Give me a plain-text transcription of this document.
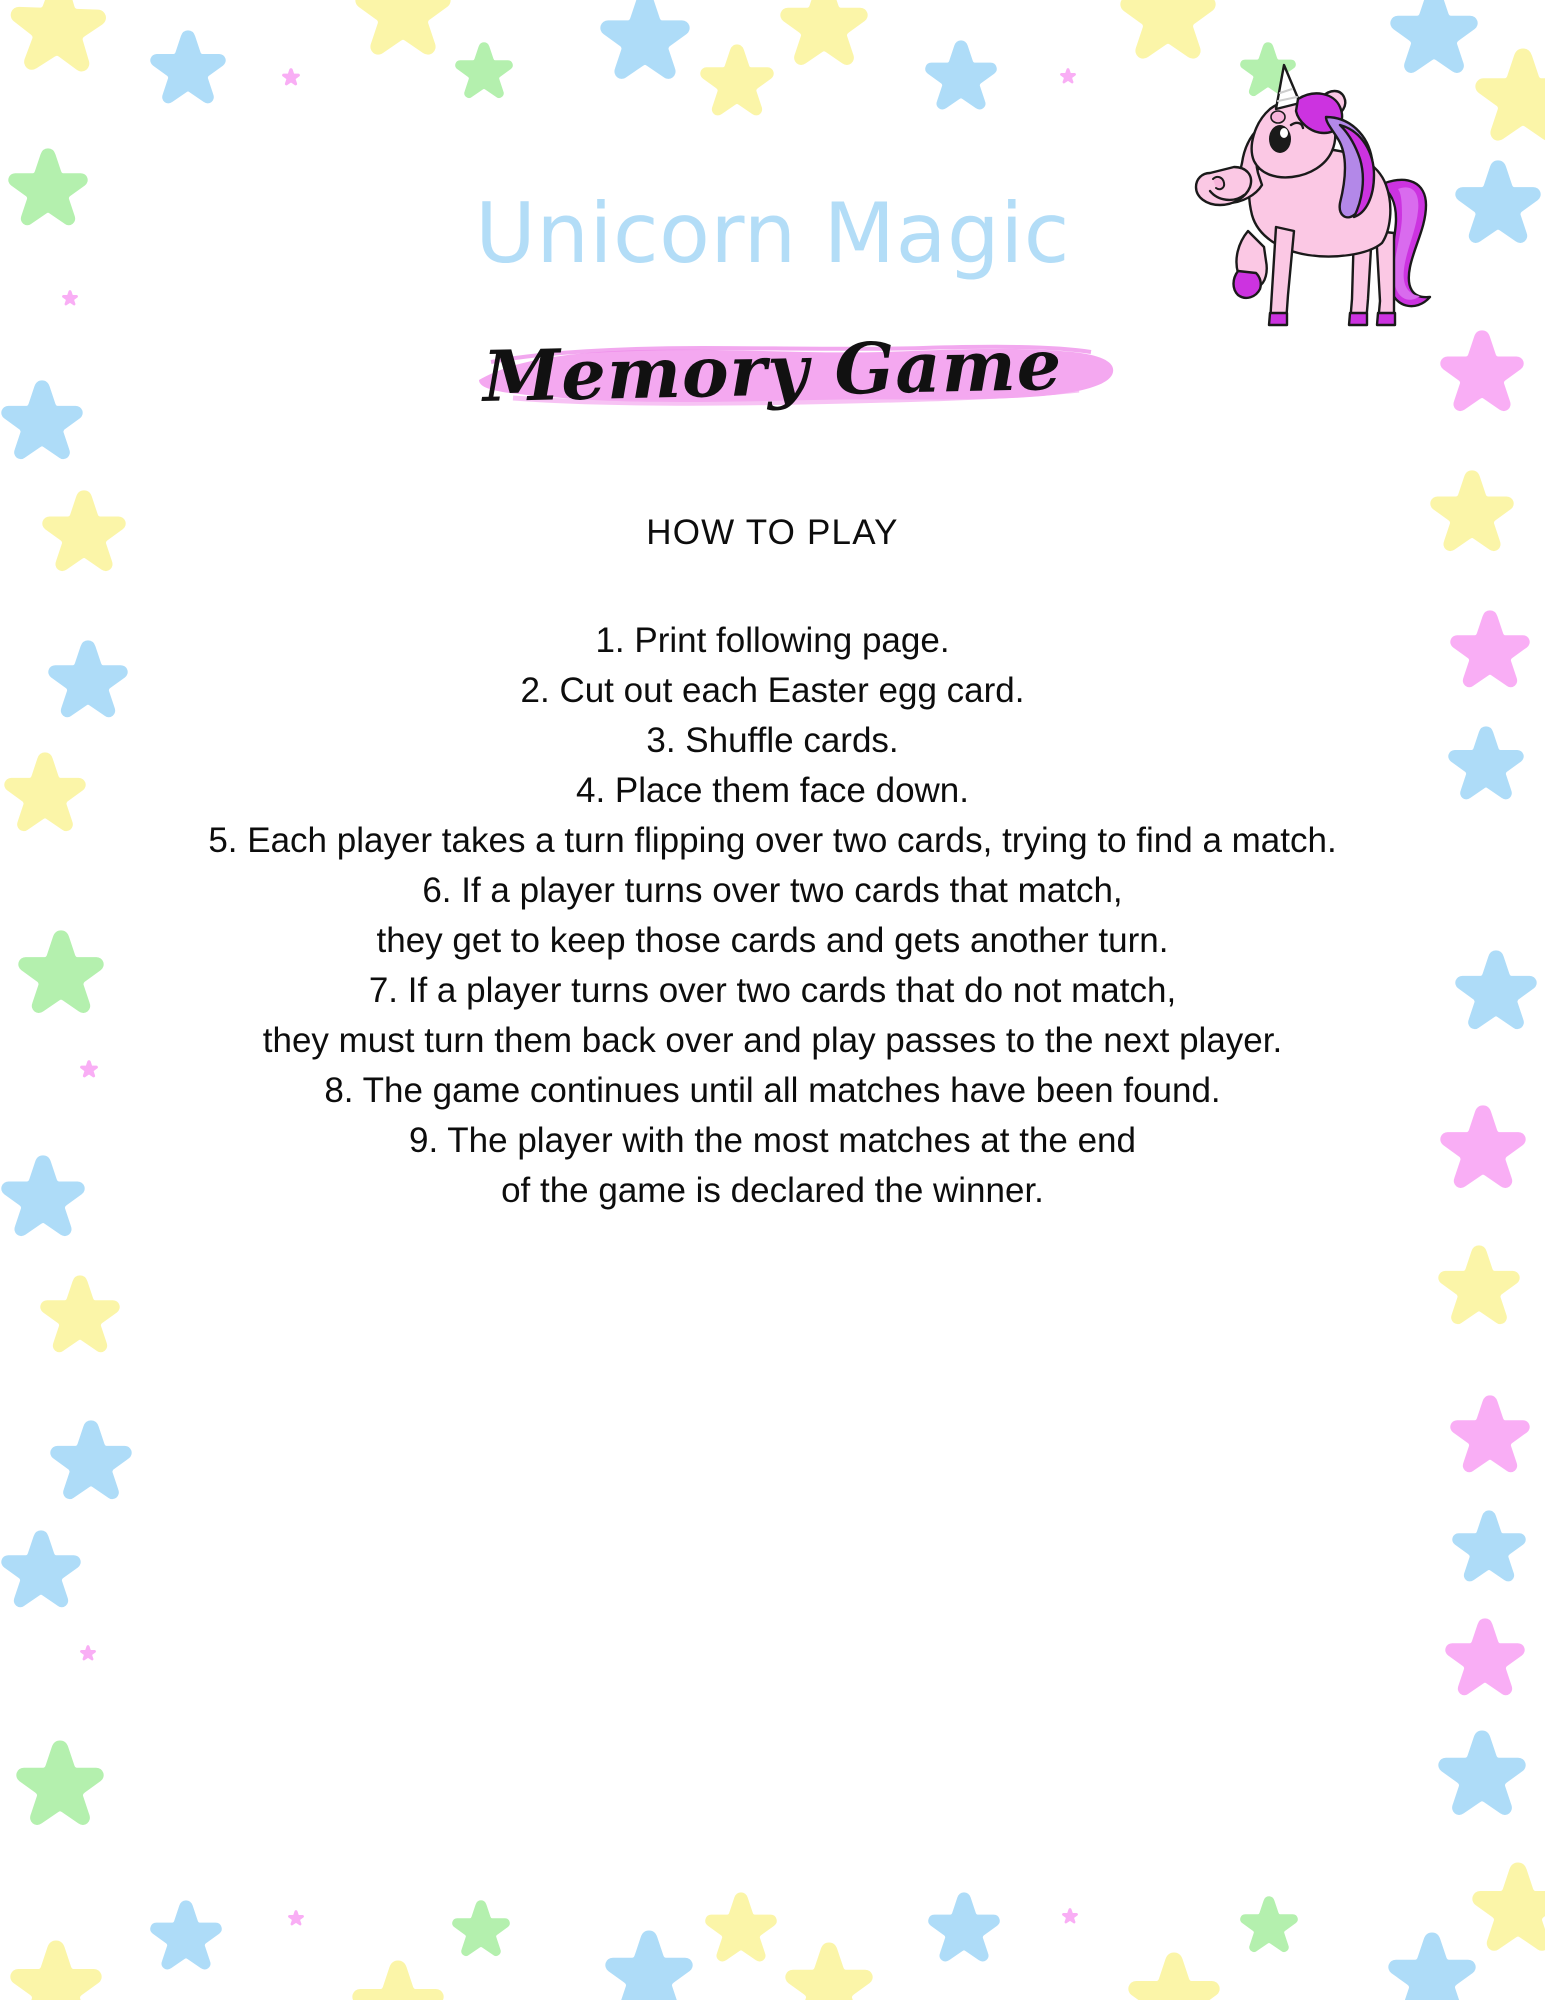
Unicorn Magic
Memory Game
HOW TO PLAY
1. Print following page.
2. Cut out each Easter egg card.
3. Shuffle cards.
4. Place them face down.
5. Each player takes a turn flipping over two cards, trying to find a match.
6. If a player turns over two cards that match,
they get to keep those cards and gets another turn.
7. If a player turns over two cards that do not match,
they must turn them back over and play passes to the next player.
8. The game continues until all matches have been found.
9. The player with the most matches at the end
of the game is declared the winner.
